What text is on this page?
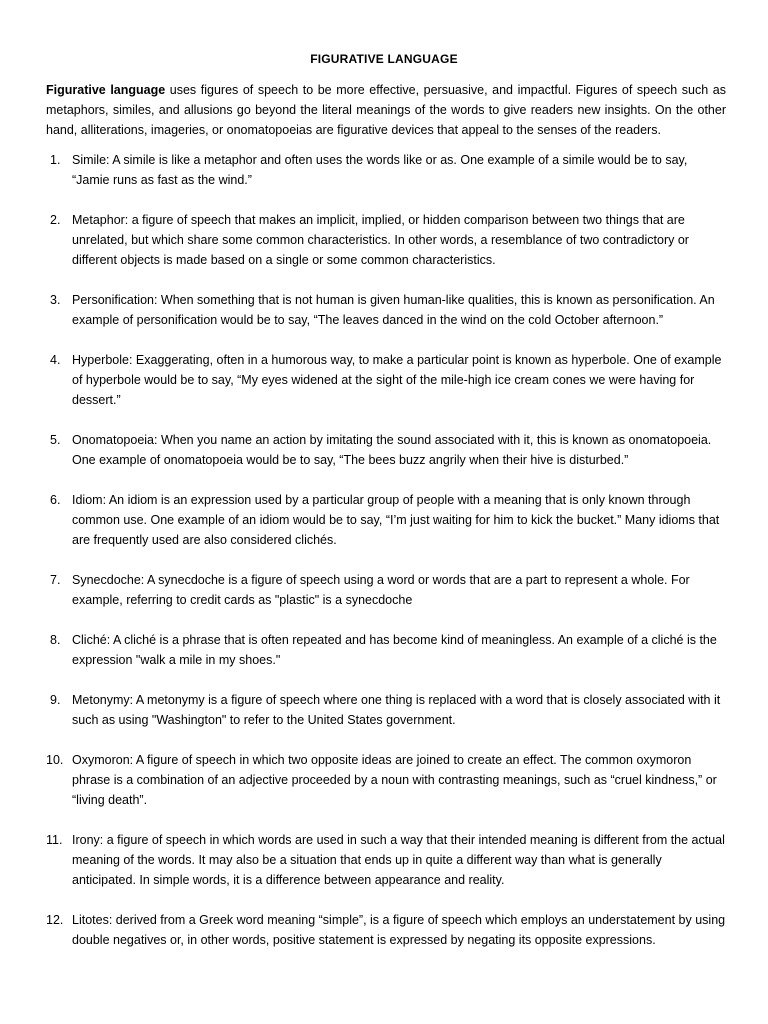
FIGURATIVE LANGUAGE

Figurative language uses figures of speech to be more effective, persuasive, and impactful. Figures of speech such as metaphors, similes, and allusions go beyond the literal meanings of the words to give readers new insights. On the other hand, alliterations, imageries, or onomatopoeias are figurative devices that appeal to the senses of the readers.

1. Simile: A simile is like a metaphor and often uses the words like or as. One example of a simile would be to say, “Jamie runs as fast as the wind.”
2. Metaphor: a figure of speech that makes an implicit, implied, or hidden comparison between two things that are unrelated, but which share some common characteristics. In other words, a resemblance of two contradictory or different objects is made based on a single or some common characteristics.
3. Personification: When something that is not human is given human-like qualities, this is known as personification. An example of personification would be to say, “The leaves danced in the wind on the cold October afternoon.”
4. Hyperbole: Exaggerating, often in a humorous way, to make a particular point is known as hyperbole. One of example of hyperbole would be to say, “My eyes widened at the sight of the mile-high ice cream cones we were having for dessert.”
5. Onomatopoeia: When you name an action by imitating the sound associated with it, this is known as onomatopoeia. One example of onomatopoeia would be to say, “The bees buzz angrily when their hive is disturbed.”
6. Idiom: An idiom is an expression used by a particular group of people with a meaning that is only known through common use. One example of an idiom would be to say, “I’m just waiting for him to kick the bucket.” Many idioms that are frequently used are also considered clichés.
7. Synecdoche: A synecdoche is a figure of speech using a word or words that are a part to represent a whole. For example, referring to credit cards as "plastic" is a synecdoche
8. Cliché: A cliché is a phrase that is often repeated and has become kind of meaningless. An example of a cliché is the expression "walk a mile in my shoes."
9. Metonymy: A metonymy is a figure of speech where one thing is replaced with a word that is closely associated with it such as using "Washington" to refer to the United States government.
10. Oxymoron: A figure of speech in which two opposite ideas are joined to create an effect. The common oxymoron phrase is a combination of an adjective proceeded by a noun with contrasting meanings, such as “cruel kindness,” or “living death”.
11. Irony: a figure of speech in which words are used in such a way that their intended meaning is different from the actual meaning of the words. It may also be a situation that ends up in quite a different way than what is generally anticipated. In simple words, it is a difference between appearance and reality.
12. Litotes: derived from a Greek word meaning “simple”, is a figure of speech which employs an understatement by using double negatives or, in other words, positive statement is expressed by negating its opposite expressions.
